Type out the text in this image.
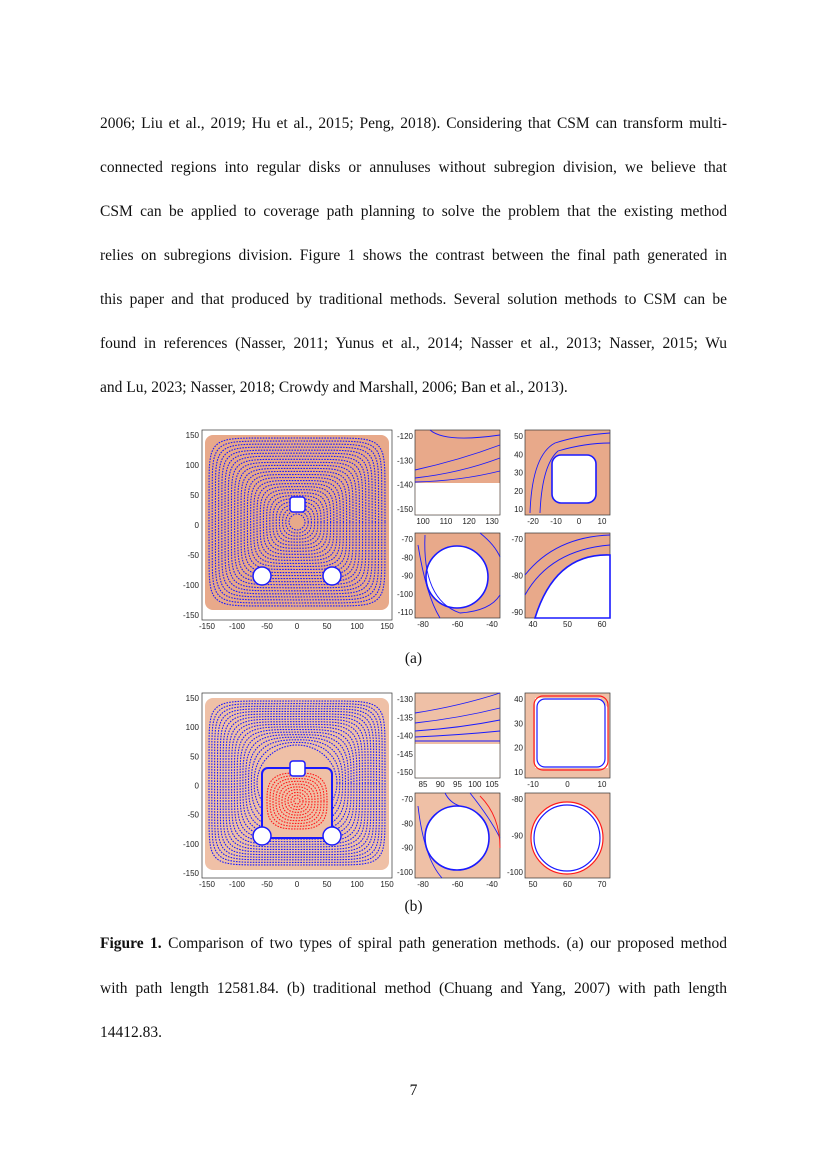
2006; Liu et al., 2019; Hu et al., 2015; Peng, 2018). Considering that CSM can transform multi-
connected regions into regular disks or annuluses without subregion division, we believe that
CSM can be applied to coverage path planning to solve the problem that the existing method
relies on subregions division. Figure 1 shows the contrast between the final path generated in
this paper and that produced by traditional methods. Several solution methods to CSM can be
found in references (Nasser, 2011; Yunus et al., 2014; Nasser et al., 2013; Nasser, 2015; Wu
and Lu, 2023; Nasser, 2018; Crowdy and Marshall, 2006; Ban et al., 2013).
-150 -100 -50	0	50 100 150
150
100
50
0
-50
-100
-150
-120
-130
-140
-150
100 110 120 130
50
40
30
20
10
-20 -10 0 10
-70
-80
-90
-100
-110
-80	-60	-40
-70
-80
-90
40	50	60
(a)
-150 -100 -50	0	50 100 150
150
100
50
0
-50
-100
-150
-130
-135
-140
-145
-150
85 90 95 100 105
40
30
20
10
-10	0	10
-70
-80
-90
-100
-80	-60	-40
-80
-90
-100
50	60	70
(b)
Figure 1. Comparison of two types of spiral path generation methods. (a) our proposed method
with path length 12581.84. (b) traditional method (Chuang and Yang, 2007) with path length
14412.83.
7
